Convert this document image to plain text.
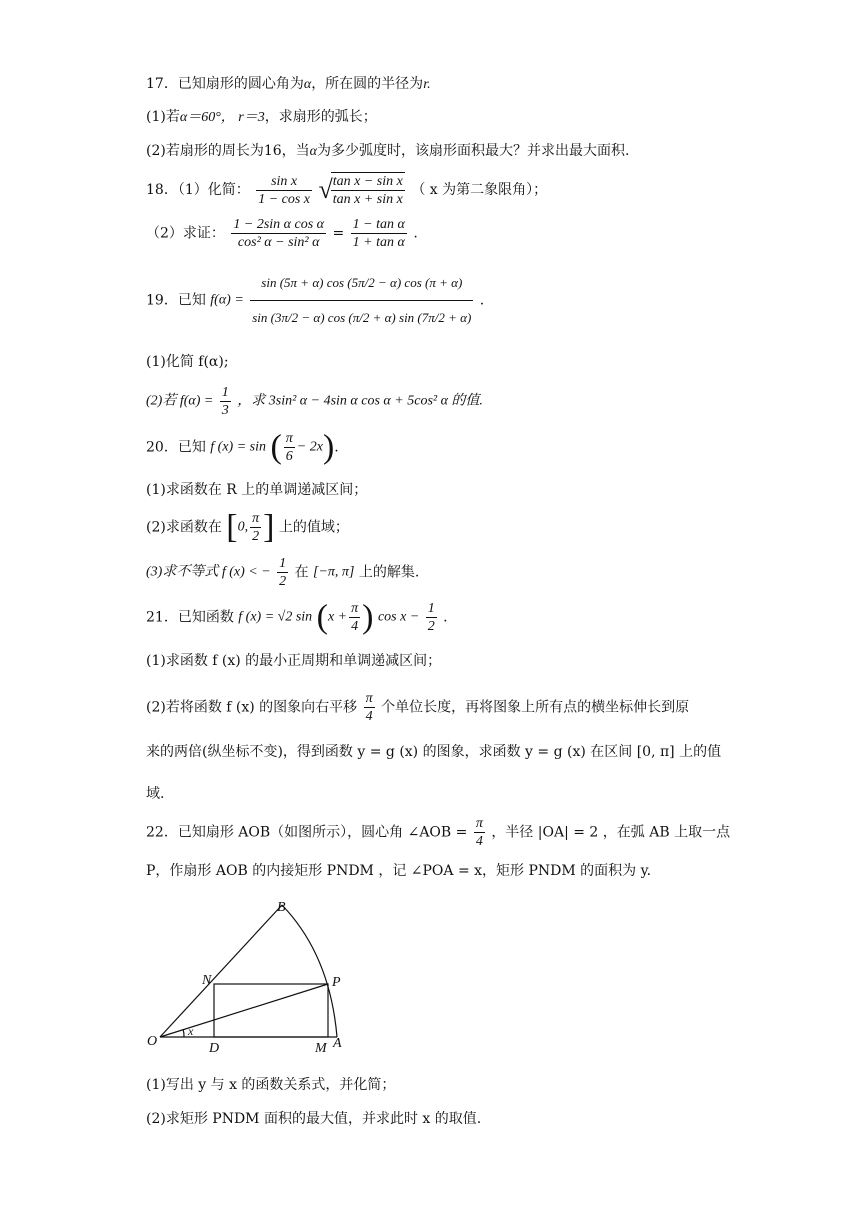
17．已知扇形的圆心角为α，所在圆的半径为r.
(1)若α＝60°， r＝3，求扇形的弧长；
(2)若扇形的周长为16，当α为多少弧度时，该扇形面积最大？并求出最大面积.
18．（1）化简： $\frac{\text{sin x}}{\text{1 − cos x}}$ √
$\frac{\text{tan x − sin x}}{\text{tan x + sin x}}$ （ x 为第二象限角）；
（2）求证： $\frac{\text{1 − 2sin α cos α}}{\text{cos² α − sin² α}} = \frac{\text{1 − tan α}}{\text{1 + tan α}}$ .
19．已知 $f(\alpha) = \frac{\sin (5\pi + \alpha) \cos (5\pi/2 - \alpha) \cos (\pi + \alpha)}{\sin (3\pi/2 - \alpha) \cos (\pi/2 + \alpha) \sin (7\pi/2 + \alpha)}$ .
(1)化简 f(α);
(2)若 $f(\alpha) = \frac{1}{3}$ ，求 3sin² α − 4sin α cos α + 5cos² α 的值.
20．已知 f (x) = sin ( $\frac{\pi}{6} - 2x$).
(1)求函数在 R 上的单调递减区间；
(2)求函数在 [0, $\frac{\pi}{2}$ ] 上的值域；
(3)求不等式 f (x) < − $\frac{1}{2}$ 在 [−π, π] 上的解集.
21．已知函数 f (x) = √2 $\sin (x + \frac{\pi}{4}$ ) $\cos x - \frac{1}{2}$ .
(1)求函数 f (x) 的最小正周期和单调递减区间；
(2)若将函数 f (x) 的图象向右平移 $\frac{\pi}{4}$ 个单位长度，再将图象上所有点的横坐标伸长到原
来的两倍(纵坐标不变)，得到函数 y = g (x) 的图象，求函数 y = g (x) 在区间 [0, π] 上的值
域.
22．已知扇形 AOB（如图所示），圆心角 ∠AOB = $\frac{\pi}{4}$ ，半径 |OA| = 2 ，在弧 AB 上取一点
P，作扇形 AOB 的内接矩形 PNDM ，记 ∠POA = x，矩形 PNDM 的面积为 y.
B
N	P
O
x
D	M A
(1)写出 y 与 x 的函数关系式，并化简；
(2)求矩形 PNDM 面积的最大值，并求此时 x 的取值.
